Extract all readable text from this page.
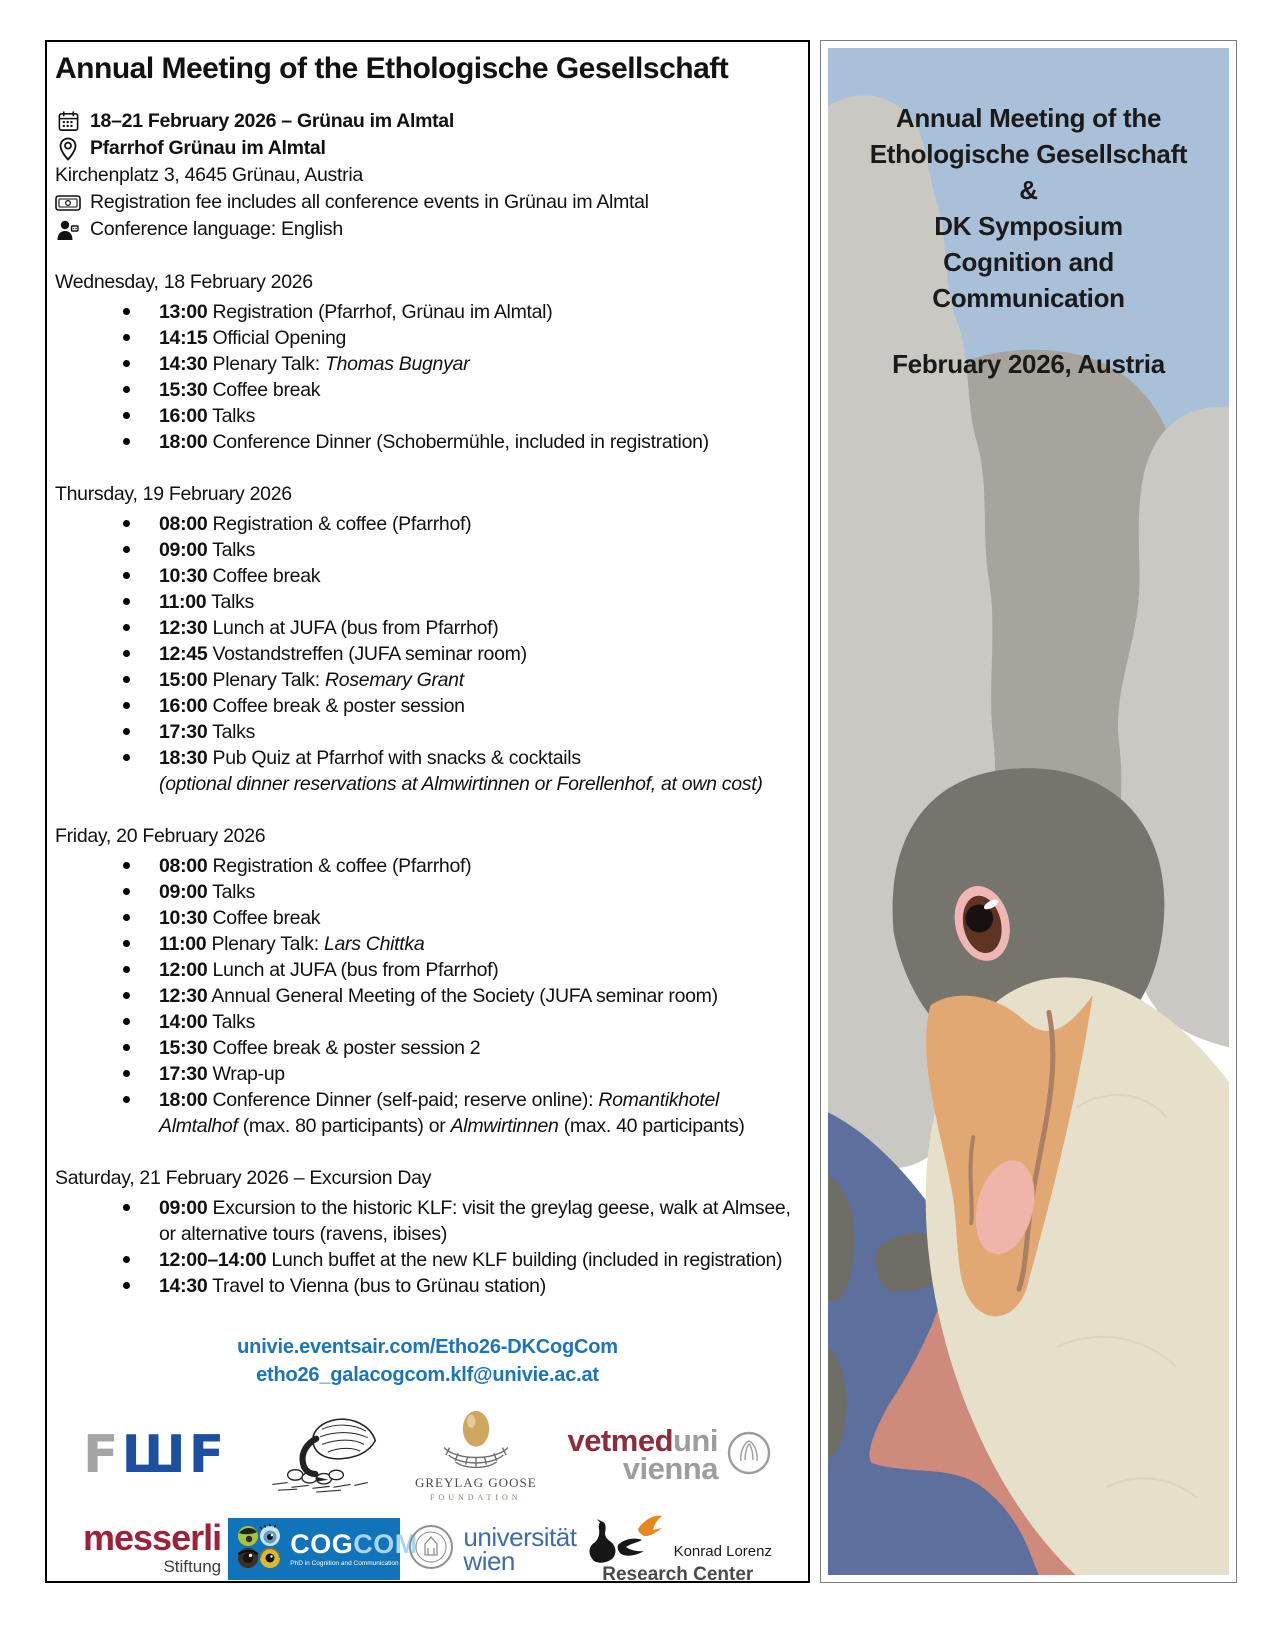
Annual Meeting of the Ethologische Gesellschaft
18–21 February 2026 – Grünau im Almtal
Pfarrhof Grünau im Almtal
Kirchenplatz 3, 4645 Grünau, Austria
Registration fee includes all conference events in Grünau im Almtal
Conference language: English
Wednesday, 18 February 2026
13:00 Registration (Pfarrhof, Grünau im Almtal)
14:15 Official Opening
14:30 Plenary Talk: Thomas Bugnyar
15:30 Coffee break
16:00 Talks
18:00 Conference Dinner (Schobermühle, included in registration)
Thursday, 19 February 2026
08:00 Registration & coffee (Pfarrhof)
09:00 Talks
10:30 Coffee break
11:00 Talks
12:30 Lunch at JUFA (bus from Pfarrhof)
12:45 Vostandstreffen (JUFA seminar room)
15:00 Plenary Talk: Rosemary Grant
16:00 Coffee break & poster session
17:30 Talks
18:30 Pub Quiz at Pfarrhof with snacks & cocktails
(optional dinner reservations at Almwirtinnen or Forellenhof, at own cost)
Friday, 20 February 2026
08:00 Registration & coffee (Pfarrhof)
09:00 Talks
10:30 Coffee break
11:00 Plenary Talk: Lars Chittka
12:00 Lunch at JUFA (bus from Pfarrhof)
12:30 Annual General Meeting of the Society (JUFA seminar room)
14:00 Talks
15:30 Coffee break & poster session 2
17:30 Wrap-up
18:00 Conference Dinner (self-paid; reserve online): Romantikhotel Almtalhof (max. 80 participants) or Almwirtinnen (max. 40 participants)
Saturday, 21 February 2026 – Excursion Day
09:00 Excursion to the historic KLF: visit the greylag geese, walk at Almsee, or alternative tours (ravens, ibises)
12:00–14:00 Lunch buffet at the new KLF building (included in registration)
14:30 Travel to Vienna (bus to Grünau station)
univie.eventsair.com/Etho26-DKCogCom
etho26_galacogcom.klf@univie.ac.at
FШF	GREYLAG GOOSE
FOUNDATION
vetmeduni
vienna
messerli
Stiftung
COGCOM
PhD in Cognition and Communication
universität
wien	Konrad Lorenz
Research Center
Annual Meeting of the
Ethologische Gesellschaft
&
DK Symposium
Cognition and
Communication
February 2026, Austria
